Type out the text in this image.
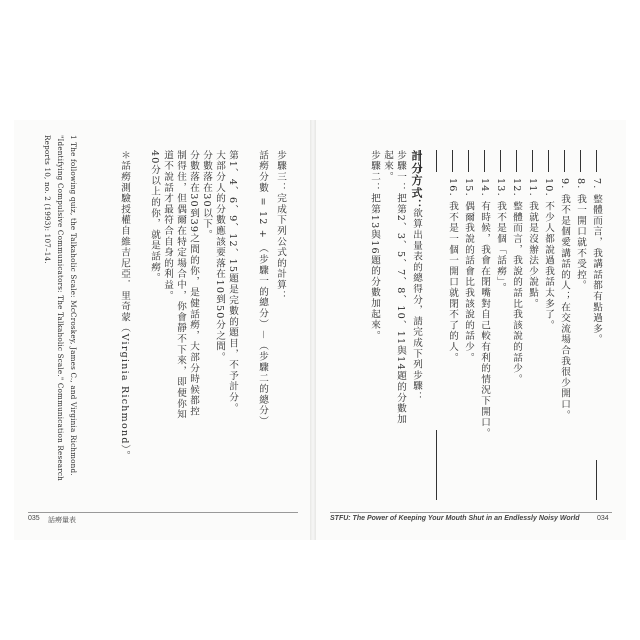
7. 整體而言，我講話都有點過多。

8. 我一開口就不受控。

9. 我不是個愛講話的人；在交流場合我很少開口。

10. 不少人都說過我話太多了。

11. 我就是沒辦法少說點。

12. 整體而言，我說的話比我該說的話少。

13. 我不是個「話癆」。

14. 有時候，我會在閉嘴對自己較有利的情況下開口。

15. 偶爾我說的話會比我該說的話少。

16. 我不是一個一開口就閉不了的人。

計分方式：

欲算出量表的總得分，請完成下列步驟：

步驟一：把第2、3、5、7、8、10、11與14題的分數加起來。

步驟二：把第13與16題的分數加起來。

STFU: The Power of Keeping Your Mouth Shut in an Endlessly Noisy World 034

步驟三：完成下列公式的計算：

話癆分數 = 12 + （步驟一的總分）－（步驟二的總分）

第1、4、6、9、12、15題是完數的題目，不予計分。

大部分人的分數應該要落在10到50分之間。

分數落在30以下。

分數落在30到39之間的你，是健話癆，大部分時候都控制得住，但偶爾在特定場合中，你會靜不下來，即便你知道不說話才最符合自身的利益。

40分以上的你，就是話癆。

＊話癆測驗授權自維吉尼亞．里奇蒙（Virginia Richmond）。

1 The following quiz, the Talkaholic Scale: McCroskey, James C., and Virginia Richmond. "Identifying Compulsive Communicators: The Talkaholic Scale." Communication Research Reports 10, no. 2 (1993): 107–14.

035 話癆量表
